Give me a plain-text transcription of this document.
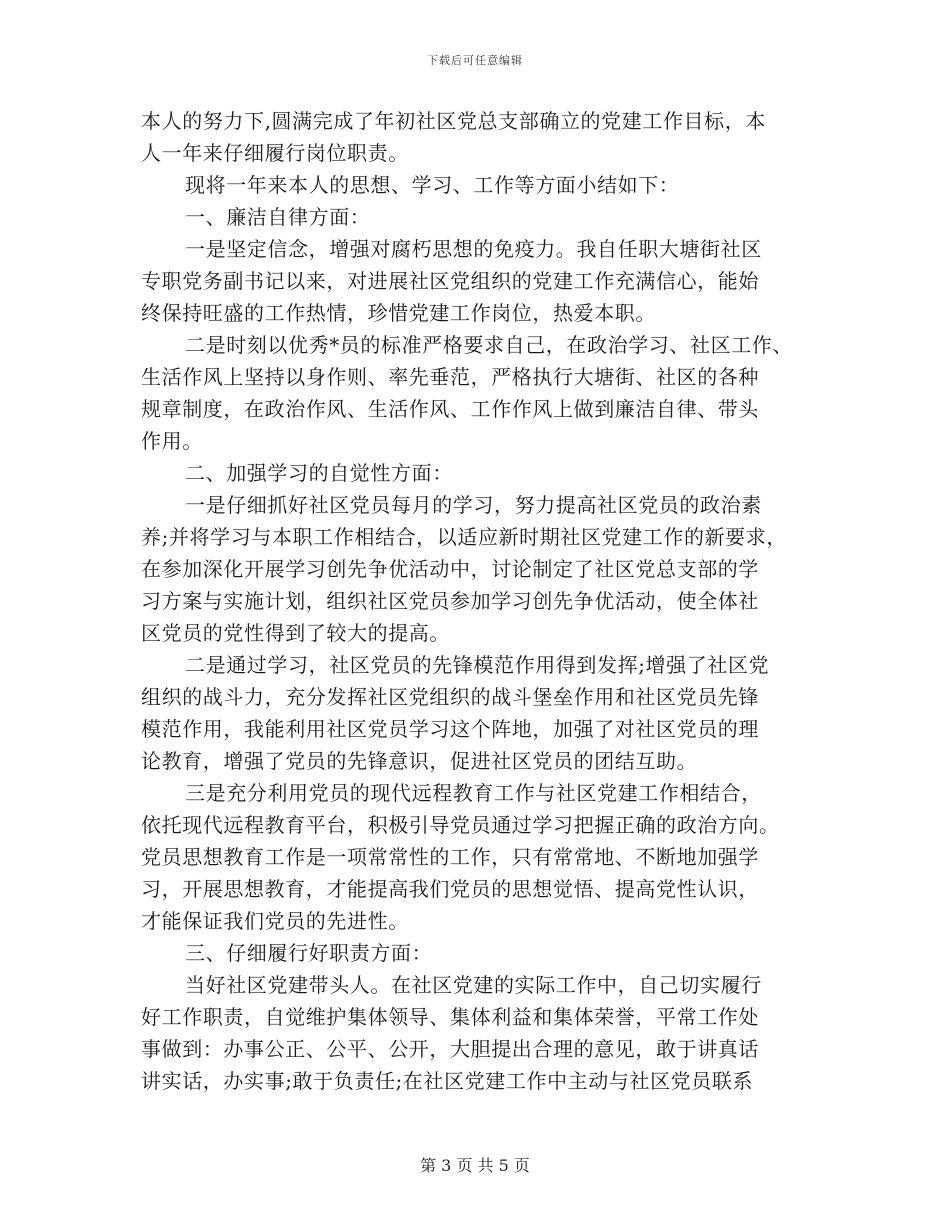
下载后可任意编辑
本人的努力下,圆满完成了年初社区党总支部确立的党建工作目标，本
人一年来仔细履行岗位职责。
现将一年来本人的思想、学习、工作等方面小结如下：
一、廉洁自律方面：
一是坚定信念，增强对腐朽思想的免疫力。我自任职大塘街社区
专职党务副书记以来，对进展社区党组织的党建工作充满信心，能始
终保持旺盛的工作热情，珍惜党建工作岗位，热爱本职。
二是时刻以优秀*员的标准严格要求自己，在政治学习、社区工作、
生活作风上坚持以身作则、率先垂范，严格执行大塘街、社区的各种
规章制度，在政治作风、生活作风、工作作风上做到廉洁自律、带头
作用。
二、加强学习的自觉性方面：
一是仔细抓好社区党员每月的学习，努力提高社区党员的政治素
养;并将学习与本职工作相结合，以适应新时期社区党建工作的新要求，
在参加深化开展学习创先争优活动中，讨论制定了社区党总支部的学
习方案与实施计划，组织社区党员参加学习创先争优活动，使全体社
区党员的党性得到了较大的提高。
二是通过学习，社区党员的先锋模范作用得到发挥;增强了社区党
组织的战斗力，充分发挥社区党组织的战斗堡垒作用和社区党员先锋
模范作用，我能利用社区党员学习这个阵地，加强了对社区党员的理
论教育，增强了党员的先锋意识，促进社区党员的团结互助。
三是充分利用党员的现代远程教育工作与社区党建工作相结合，
依托现代远程教育平台，积极引导党员通过学习把握正确的政治方向。
党员思想教育工作是一项常常性的工作，只有常常地、不断地加强学
习，开展思想教育，才能提高我们党员的思想觉悟、提高党性认识，
才能保证我们党员的先进性。
三、仔细履行好职责方面：
当好社区党建带头人。在社区党建的实际工作中，自己切实履行
好工作职责，自觉维护集体领导、集体利益和集体荣誉，平常工作处
事做到：办事公正、公平、公开，大胆提出合理的意见，敢于讲真话
讲实话，办实事;敢于负责任;在社区党建工作中主动与社区党员联系
第 3 页 共 5 页
